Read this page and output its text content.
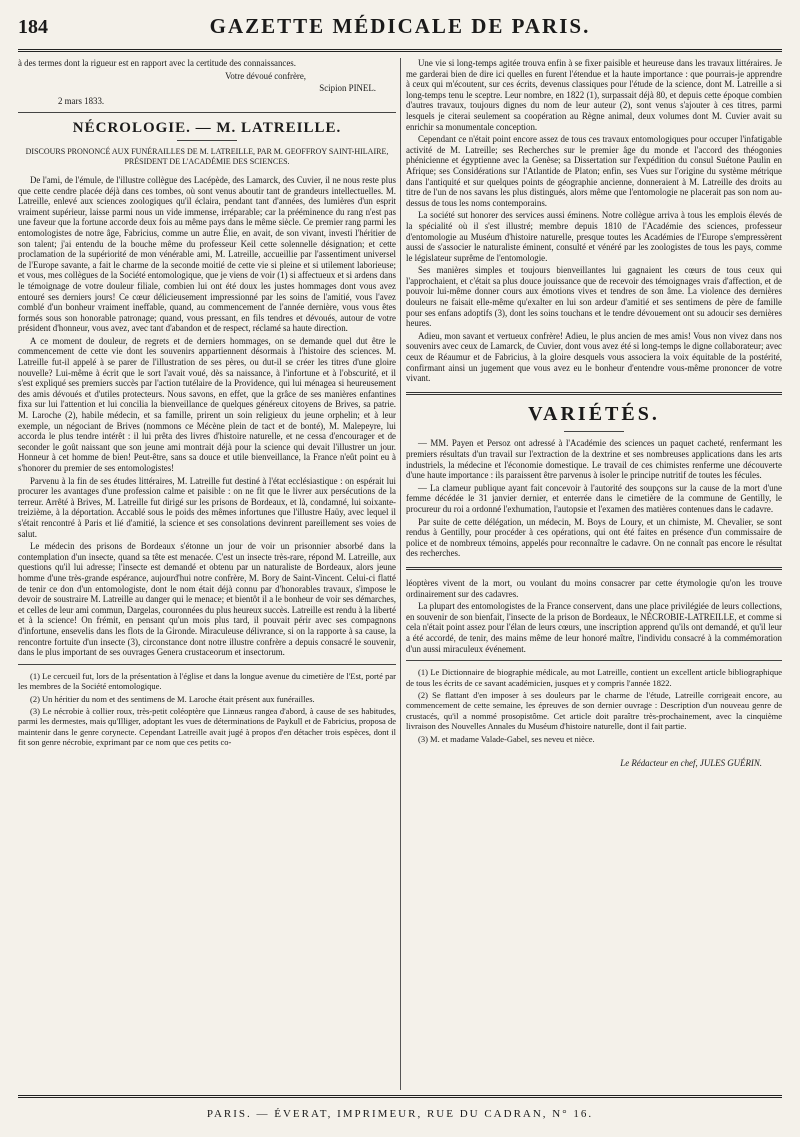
184	GAZETTE MÉDICALE DE PARIS.

à des termes dont la rigueur est en rapport avec la certitude des connaissances.

Votre dévoué confrère,

Scipion PINEL.

2 mars 1833.

NÉCROLOGIE. — M. LATREILLE.
DISCOURS PRONONCÉ AUX FUNÉRAILLES DE M. LATREILLE, PAR M. GEOFFROY SAINT-HILAIRE, PRÉSIDENT DE L'ACADÉMIE DES SCIENCES.

De l'ami, de l'émule, de l'illustre collègue des Lacépède, des Lamarck, des Cuvier, il ne nous reste plus que cette cendre placée déjà dans ces tombes, où sont venus aboutir tant de grandeurs intellectuelles. M. Latreille, enlevé aux sciences zoologiques qu'il éclaira, pendant tant d'années, des lumières d'un esprit vraiment supérieur, laisse parmi nous un vide immense, irréparable; car la prééminence du rang n'est pas une faveur que la fortune accorde deux fois au même pays dans le même siècle. Ce premier rang parmi les entomologistes de notre âge, Fabricius, comme un autre Élie, en avait, de son vivant, investi l'héritier de son talent; j'ai entendu de la bouche même du professeur Keil cette solennelle désignation; et cette proclamation de la supériorité de mon vénérable ami, M. Latreille, accueillie par l'assentiment universel de l'Europe savante, a fait le charme de la seconde moitié de cette vie si pleine et si utilement laborieuse; et vous, mes collègues de la Société entomologique, que je viens de voir (1) si affectueux et si ardens dans le témoignage de votre douleur filiale, combien lui ont été doux les justes hommages dont vous avez entouré ses derniers jours! Ce cœur délicieusement impressionné par les soins de l'amitié, vous l'avez comblé d'un bonheur vraiment ineffable, quand, au commencement de l'année dernière, vous vous êtes formés sous son honorable patronage; quand, vous pressant, en fils tendres et dévoués, autour de votre président d'honneur, vous avez, avec tant d'abandon et de respect, réclamé sa haute direction.

A ce moment de douleur, de regrets et de derniers hommages, on se demande quel dut être le commencement de cette vie dont les souvenirs appartiennent désormais à l'histoire des sciences. M. Latreille fut-il appelé à se parer de l'illustration de ses pères, ou dut-il se créer les titres d'une gloire nouvelle? Lui-même à écrit que le sort l'avait voué, dès sa naissance, à l'infortune et à l'obscurité, et il s'est expliqué ses premiers succès par l'action tutélaire de la Providence, qui lui ménagea si heureusement des amis dévoués et d'utiles protecteurs. Nous savons, en effet, que la grâce de ses manières enfantines fixa sur lui l'attention et lui concilia la bienveillance de quelques généreux citoyens de Brives, sa patrie. M. Laroche (2), habile médecin, et sa famille, prirent un soin religieux du jeune orphelin; et à leur exemple, un négociant de Brives (nommons ce Mécène plein de tact et de bonté), M. Malepeyre, lui accorda le plus tendre intérêt : il lui prêta des livres d'histoire naturelle, et ne cessa d'encourager et de seconder le goût naissant que son jeune ami montrait déjà pour la science qui devait l'illustrer un jour. Honneur à cet homme de bien! Peut-être, sans sa douce et utile bienveillance, la France n'eût point eu à s'honorer du premier de ses entomologistes!

Parvenu à la fin de ses études littéraires, M. Latreille fut destiné à l'état ecclésiastique : on espérait lui procurer les avantages d'une profession calme et paisible : on ne fit que le livrer aux persécutions de la terreur. Arrêté à Brives, M. Latreille fut dirigé sur les prisons de Bordeaux, et là, condamné, lui soixante-treizième, à la déportation. Accablé sous le poids des mêmes infortunes que l'illustre Haüy, avec lequel il s'était rencontré à Paris et lié d'amitié, la science et ses consolations devinrent pareillement ses voies de salut.

Le médecin des prisons de Bordeaux s'étonne un jour de voir un prisonnier absorbé dans la contemplation d'un insecte, quand sa tête est menacée. C'est un insecte très-rare, répond M. Latreille, aux questions qu'il lui adresse; l'insecte est demandé et obtenu par un naturaliste de Bordeaux, alors jeune homme d'une très-grande espérance, aujourd'hui notre confrère, M. Bory de Saint-Vincent. Celui-ci flatté de tenir ce don d'un entomologiste, dont le nom était déjà connu par d'honorables travaux, s'impose le devoir de soustraire M. Latreille au danger qui le menace; et bientôt il a le bonheur de voir ses démarches, et celles de leur ami commun, Dargelas, couronnées du plus heureux succès. Latreille est rendu à la liberté et à la science! On frémit, en pensant qu'un mois plus tard, il pouvait périr avec ses compagnons d'infortune, ensevelis dans les flots de la Gironde. Miraculeuse délivrance, si on la rapporte à sa cause, la rencontre fortuite d'un insecte (3), circonstance dont notre illustre confrère a depuis consacré le souvenir, dans le plus important de ses ouvrages Genera crustaceorum et insectorum.

(1) Le cercueil fut, lors de la présentation à l'église et dans la longue avenue du cimetière de l'Est, porté par les membres de la Société entomologique.

(2) Un héritier du nom et des sentimens de M. Laroche était présent aux funérailles.

(3) Le nécrobie à collier roux, très-petit coléoptère que Linnæus rangea d'abord, à cause de ses habitudes, parmi les dermestes, mais qu'Illiger, adoptant les vues de déterminations de Paykull et de Fabricius, proposa de maintenir dans le genre corynecte. Cependant Latreille avait jugé à propos d'en détacher trois espèces, dont il fit son genre nécrobie, exprimant par ce nom que ces petits co-

Une vie si long-temps agitée trouva enfin à se fixer paisible et heureuse dans les travaux littéraires. Je me garderai bien de dire ici quelles en furent l'étendue et la haute importance : que pourrais-je apprendre à ceux qui m'écoutent, sur ces écrits, devenus classiques pour l'étude de la science, dont M. Latreille a si long-temps tenu le sceptre. Leur nombre, en 1822 (1), surpassait déjà 80, et depuis cette époque combien d'autres travaux, toujours dignes du nom de leur auteur (2), sont venus s'ajouter à ces titres, parmi lesquels je citerai seulement sa coopération au Règne animal, deux volumes dont M. Cuvier avait su enrichir sa monumentale conception.

Cependant ce n'était point encore assez de tous ces travaux entomologiques pour occuper l'infatigable activité de M. Latreille; ses Recherches sur le premier âge du monde et l'accord des théogonies phénicienne et égyptienne avec la Genèse; sa Dissertation sur l'expédition du consul Suétone Paulin en Afrique; ses Considérations sur l'Atlantide de Platon; enfin, ses Vues sur l'origine du système métrique dans l'antiquité et sur quelques points de géographie ancienne, donneraient à M. Latreille des droits au titre de l'un de nos savans les plus distingués, alors même que l'entomologie ne placerait pas son nom au-dessus de tous les noms contemporains.

La société sut honorer des services aussi éminens. Notre collègue arriva à tous les emplois élevés de la spécialité où il s'est illustré; membre depuis 1810 de l'Académie des sciences, professeur d'entomologie au Muséum d'histoire naturelle, presque toutes les Académies de l'Europe s'empressèrent aussi de s'associer le naturaliste éminent, consulté et vénéré par les zoologistes de tous les pays, comme le législateur suprême de l'entomologie.

Ses manières simples et toujours bienveillantes lui gagnaient les cœurs de tous ceux qui l'approchaient, et c'était sa plus douce jouissance que de recevoir des témoignages vrais d'affection, et de pouvoir lui-même donner cours aux émotions vives et tendres de son âme. La violence des dernières douleurs ne faisait elle-même qu'exalter en lui son ardeur d'amitié et ses sentimens de père de famille pour ses enfans adoptifs (3), dont les soins touchans et le tendre dévouement ont su adoucir ses dernières heures.

Adieu, mon savant et vertueux confrère! Adieu, le plus ancien de mes amis! Vous non vivez dans nos souvenirs avec ceux de Lamarck, de Cuvier, dont vous avez été si long-temps le digne collaborateur; avec ceux de Réaumur et de Fabricius, à la gloire desquels vous associera la voix équitable de la postérité, confirmant ainsi un jugement que vous avez eu le bonheur d'entendre vous-même prononcer de votre vivant.

VARIÉTÉS.

— MM. Payen et Persoz ont adressé à l'Académie des sciences un paquet cacheté, renfermant les premiers résultats d'un travail sur l'extraction de la dextrine et ses nombreuses applications dans les arts industriels, la médecine et l'économie domestique. Le travail de ces chimistes renferme une découverte d'une haute importance : ils paraissent être parvenus à isoler le principe nutritif de toutes les fécules.

— La clameur publique ayant fait concevoir à l'autorité des soupçons sur la cause de la mort d'une femme décédée le 31 janvier dernier, et enterrée dans le cimetière de la commune de Gentilly, le procureur du roi a ordonné l'exhumation, l'autopsie et l'examen des matières contenues dans le cadavre.

Par suite de cette délégation, un médecin, M. Boys de Loury, et un chimiste, M. Chevalier, se sont rendus à Gentilly, pour procéder à ces opérations, qui ont été faites en présence d'un commissaire de police et de nombreux témoins, appelés pour reconnaître le cadavre. On ne connaît pas encore le résultat des recherches.

léoptères vivent de la mort, ou voulant du moins consacrer par cette étymologie qu'on les trouve ordinairement sur des cadavres.

La plupart des entomologistes de la France conservent, dans une place privilégiée de leurs collections, en souvenir de son bienfait, l'insecte de la prison de Bordeaux, le NÉCROBIE-LATREILLE, et comme si cela n'était point assez pour l'élan de leurs cœurs, une inscription apprend qu'ils ont demandé, et qu'il leur a été accordé, de tenir, des mains même de leur honoré maître, l'individu consacré à la commémoration d'un aussi miraculeux événement.

(1) Le Dictionnaire de biographie médicale, au mot Latreille, contient un excellent article bibliographique de tous les écrits de ce savant académicien, jusques et y compris l'année 1822.

(2) Se flattant d'en imposer à ses douleurs par le charme de l'étude, Latreille corrigeait encore, au commencement de cette semaine, les épreuves de son dernier ouvrage : Description d'un nouveau genre de crustacés, qu'il a nommé prosopistôme. Cet article doit paraître très-prochainement, avec la cinquième livraison des Nouvelles Annales du Muséum d'histoire naturelle, dont il fait partie.

(3) M. et madame Valade-Gabel, ses neveu et nièce.

Le Rédacteur en chef, JULES GUÉRIN.
PARIS. — ÉVERAT, IMPRIMEUR, RUE DU CADRAN, N° 16.
